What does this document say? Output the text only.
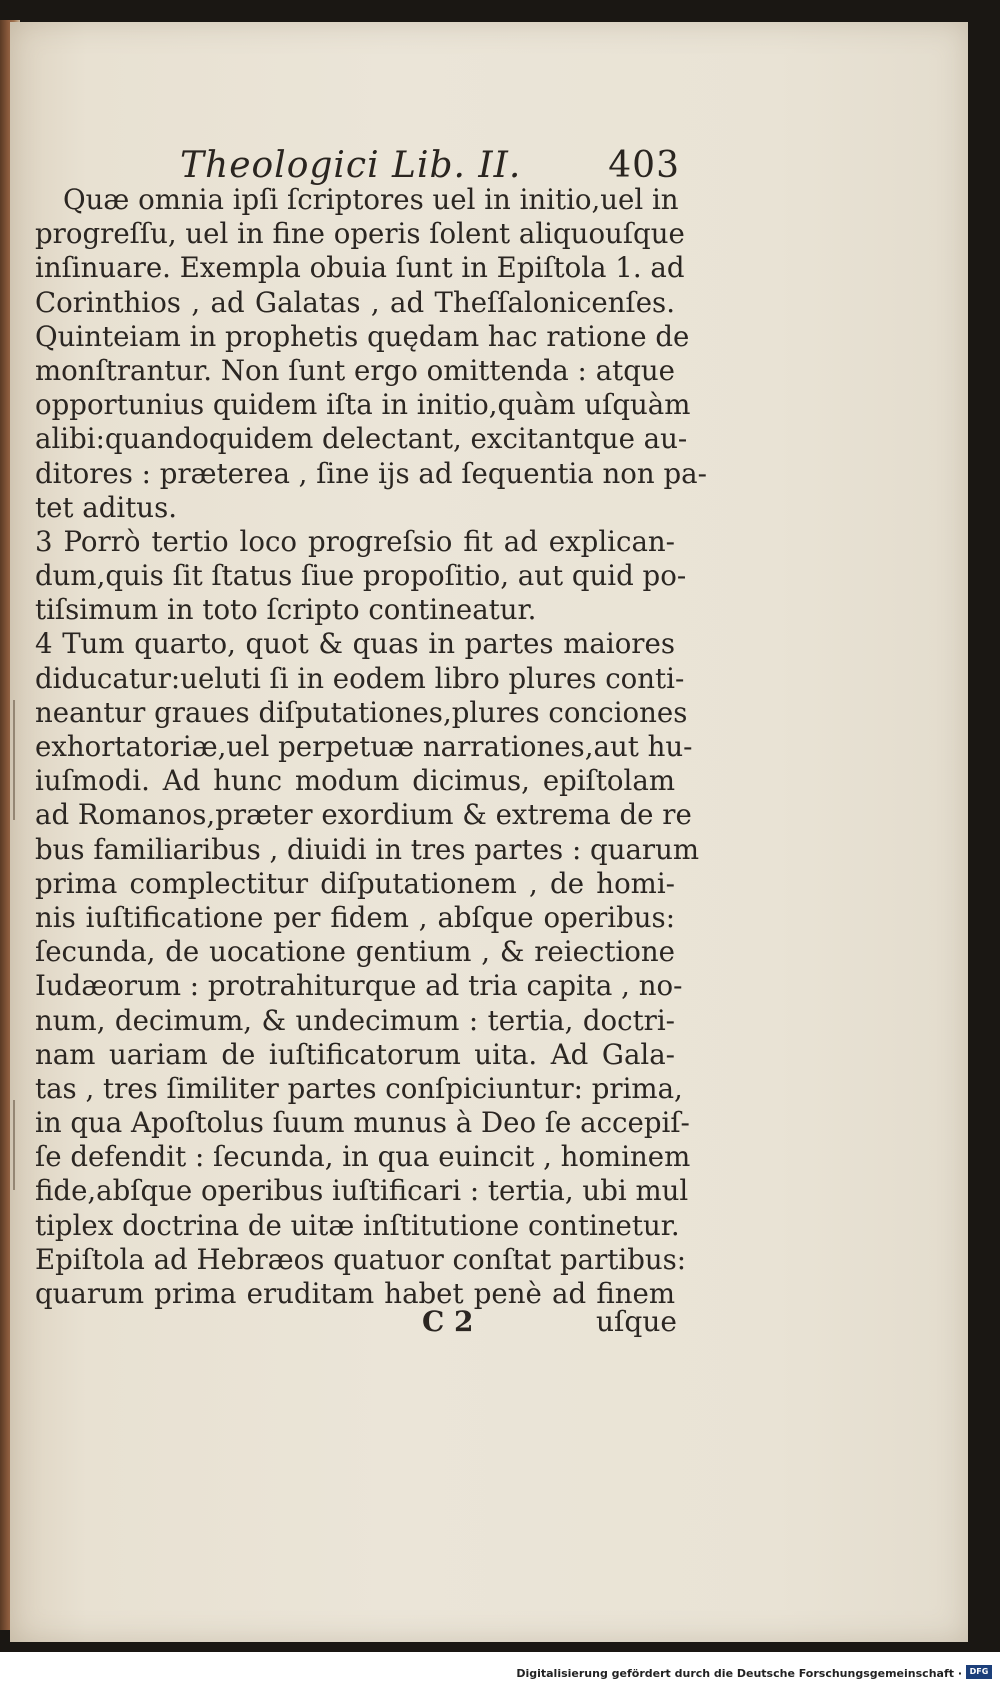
Theologici Lib. II. 403
Quæ omnia ipſi ſcriptores uel in initio,uel in
progreſſu, uel in fine operis ſolent aliquouſque
inſinuare. Exempla obuia ſunt in Epiſtola 1. ad
Corinthios , ad Galatas , ad Theſſalonicenſes.
Quinteiam in prophetis quędam hac ratione de
monſtrantur. Non ſunt ergo omittenda : atque
opportunius quidem iſta in initio,quàm uſquàm
alibi:quandoquidem delectant, excitantque au-
ditores : præterea , ſine ijs ad ſequentia non pa-
tet aditus.
3 Porrò tertio loco progreſsio fit ad explican-
dum,quis ſit ſtatus ſiue propoſitio, aut quid po-
tiſsimum in toto ſcripto contineatur.
4 Tum quarto, quot & quas in partes maiores
diducatur:ueluti ſi in eodem libro plures conti-
neantur graues diſputationes,plures conciones
exhortatoriæ,uel perpetuæ narrationes,aut hu-
iuſmodi. Ad hunc modum dicimus, epiſtolam
ad Romanos,præter exordium & extrema de re
bus familiaribus , diuidi in tres partes : quarum
prima complectitur diſputationem , de homi-
nis iuſtificatione per fidem , abſque operibus:
ſecunda, de uocatione gentium , & reiectione
Iudæorum : protrahiturque ad tria capita , no-
num, decimum, & undecimum : tertia, doctri-
nam uariam de iuſtificatorum uita. Ad Gala-
tas , tres ſimiliter partes conſpiciuntur: prima,
in qua Apoſtolus ſuum munus à Deo ſe accepiſ-
ſe defendit : ſecunda, in qua euincit , hominem
fide,abſque operibus iuſtificari : tertia, ubi mul
tiplex doctrina de uitæ inſtitutione continetur.
Epiſtola ad Hebræos quatuor conſtat partibus:
quarum prima eruditam habet penè ad finem
C 2	uſque
Digitalisierung gefördert durch die Deutsche Forschungsgemeinschaft · DFG
